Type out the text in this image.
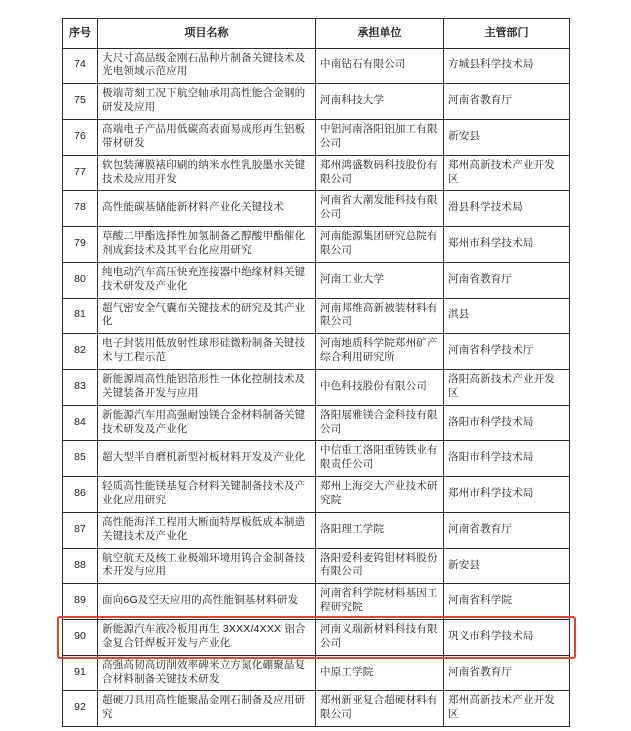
序号	项目名称	承担单位	主管部门
74	大尺寸高品级金刚石晶种片制备关键技术及光电领域示范应用	中南钻石有限公司	方城县科学技术局
75	极端苛刻工况下航空轴承用高性能合金钢的研发及应用	河南科技大学	河南省教育厅
76	高端电子产品用低碳高表面易成形再生铝板带材研发	中铝河南洛阳铝加工有限公司	新安县
77	软包装薄膜裱印刷的纳米水性乳胶墨水关键技术及应用开发	郑州鸿盛数码科技股份有限公司	郑州高新技术产业开发区
78	高性能碳基储能新材料产业化关键技术	河南省大潮发能科技有限公司	滑县科学技术局
79	草酸二甲酯选择性加氢制备乙醇酸甲酯催化剂成套技术及其平台化应用研究	河南能源集团研究总院有限公司	郑州市科学技术局
80	纯电动汽车高压快充连接器中绝缘材料关键技术研发及产业化	河南工业大学	河南省教育厅
81	超气密安全气囊布关键技术的研究及其产业化	河南邦维高新被装材料有限公司	淇县
82	电子封装用低放射性球形硅微粉制备关键技术与工程示范	河南地质科学院郑州矿产综合利用研究所	河南省科学技术厅
83	新能源周高性能铝箔形性一体化控制技术及关键装备开发与应用	中色科技股份有限公司	洛阳高新技术产业开发区
84	新能源汽车用高强耐蚀镁合金材料制备关键技术研发及产业化	洛阳展雅镁合金科技有限公司	洛阳市科学技术局
85	超大型半自磨机新型衬板材料开发及产业化	中信重工洛阳重铸铁业有限责任公司	洛阳市科学技术局
86	轻质高性能镁基复合材料关键制备技术及产业化应用研究	郑州上海交大产业技术研究院	郑州市科学技术局
87	高性能海洋工程用大断面特厚板低成本制造关键技术及产业化	洛阳理工学院	河南省教育厅
88	航空航天及核工业极端环境用钨合金制备技术开发与应用	洛阳爱科麦钨钼材料股份有限公司	新安县
89	面向6G及空天应用的高性能铜基材料研发	河南省科学院材料基因工程研究院	河南省科学院
90	新能源汽车液冷板用再生 3XXX/4XXX 铝合金复合钎焊板开发与产业化	河南义瑞新材料科技有限公司	巩义市科学技术局
91	高强高韧高切削效率碑米立方氮化硼聚晶复合材料制备关键技术研发	中原工学院	河南省教育厅
92	超硬刀具用高性能聚晶金刚石制备及应用研究	郑州新亚复合超硬材料有限公司	郑州高新技术产业开发区
